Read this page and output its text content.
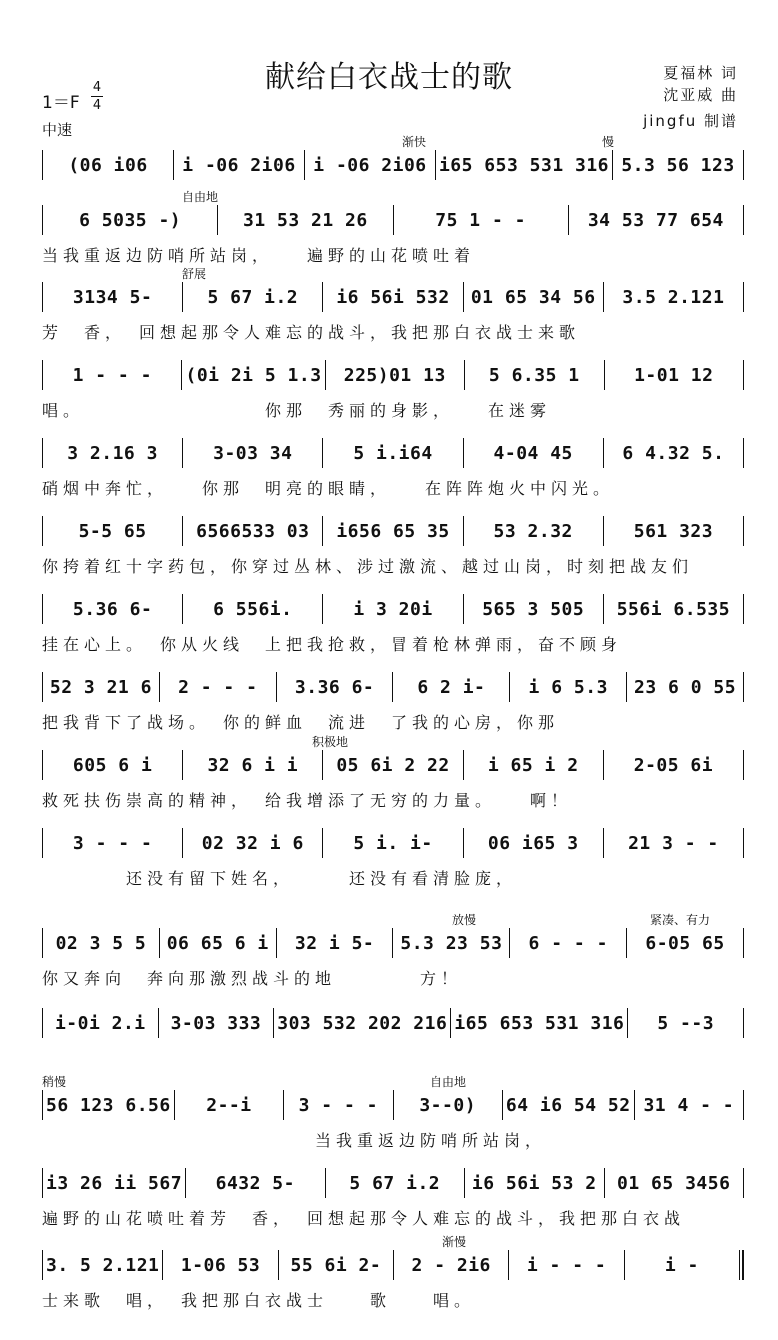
献给白衣战士的歌	夏福林 词
沈亚威 曲
jingfu 制谱
1＝F
4
4
中速
(06 i06	i -06 2i06 i -06 2i06 i65 653 531 316 5.3 56 123
渐快	慢
6 5035 -)	31 53 21 26	75 1 - -	34 53 77 654
自由地
当我重返边防哨所站岗，　　遍野的山花喷吐着
3134 5-	5 67 i.2	i6 56i 532	01 65 34 56	3.5 2.121
舒展
芳　香，　回想起那令人难忘的战斗，我把那白衣战士来歌
1 - - -	(0i 2i 5 1.3	225)01 13	5 6.35 1	1-01 12
唱。　　　　　　　　　你那　秀丽的身影，　　在迷雾
3 2.16 3	3-03 34	5 i.i64	4-04 45	6 4.32 5.
硝烟中奔忙，　　你那　明亮的眼睛，　　在阵阵炮火中闪光。
5-5 65	6566533 03	i656 65 35	53 2.32	561 323
你挎着红十字药包，你穿过丛林、涉过激流、越过山岗，时刻把战友们
5.36 6-	6 556i.	i 3 20i	565 3 505	556i 6.535
挂在心上。　你从火线　上把我抢救，冒着枪林弹雨，奋不顾身
52 3 21 6	2 - - -	3.36 6-	6 2 i-	i 6 5.3	23 6 0 55
把我背下了战场。　你的鲜血　流进　了我的心房，你那
605 6 i	32 6 i i	05 6i 2 22	i 65 i 2	2-05 6i
积极地
救死扶伤崇高的精神，　给我增添了无穷的力量。　　啊！
3 - - -	02 32 i 6	5 i. i-	06 i65 3	21 3 - -
　　　　还没有留下姓名，　　　还没有看清脸庞，
02 3 5 5	06 65 6 i	32 i 5-	5.3 23 53	6 - - -	6-05 65
放慢	紧凑、有力
你又奔向　奔向那激烈战斗的地　　　　方！
i-0i 2.i	3-03 333 303 532 202 216 i65 653 531 316	5 --3
56 123 6.56	2--i	3 - - -	3--0)	64 i6 54 52 31 4 - -
稍慢	自由地
　　　　　　　　　　　　　当我重返边防哨所站岗，
i3 26 ii 567	6432 5-	5 67 i.2	i6 56i 53 2	01 65 3456
遍野的山花喷吐着芳　香，　回想起那令人难忘的战斗，我把那白衣战
3. 5 2.121	1-06 53	55 6i 2-	2 - 2i6	i - - -	i -
渐慢
士来歌　唱，　我把那白衣战士　　歌　　唱。
